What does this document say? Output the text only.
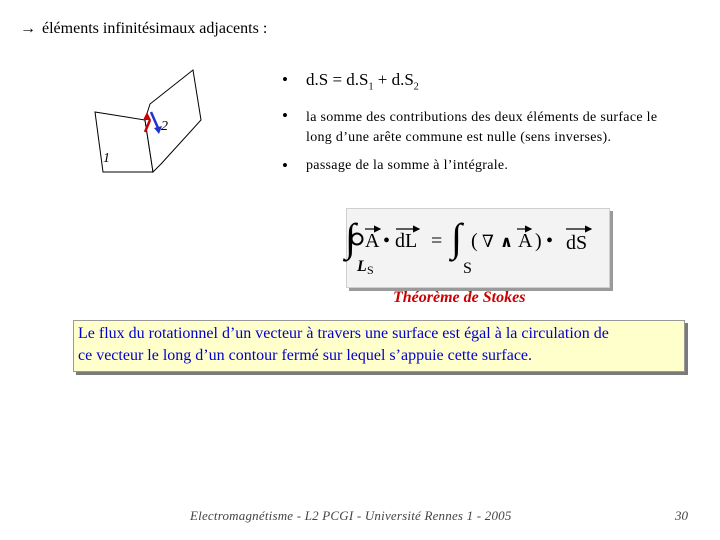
→ éléments infinitésimaux adjacents :
2
1
• $d.S = d.S_1 + d.S_2$
• la somme des contributions des deux éléments de surface le
long d’une arête commune est nulle (sens inverses).
• passage de la somme à l’intégrale.
∫ A • dL = ∫ ( ∇ ∧ A ) • dS
L S	S
Théorème de Stokes
Le flux du rotationnel d’un vecteur à travers une surface est égal à la circulation de
ce vecteur le long d’un contour fermé sur lequel s’appuie cette surface.
Electromagnétisme - L2 PCGI - Université Rennes 1 - 2005	30
